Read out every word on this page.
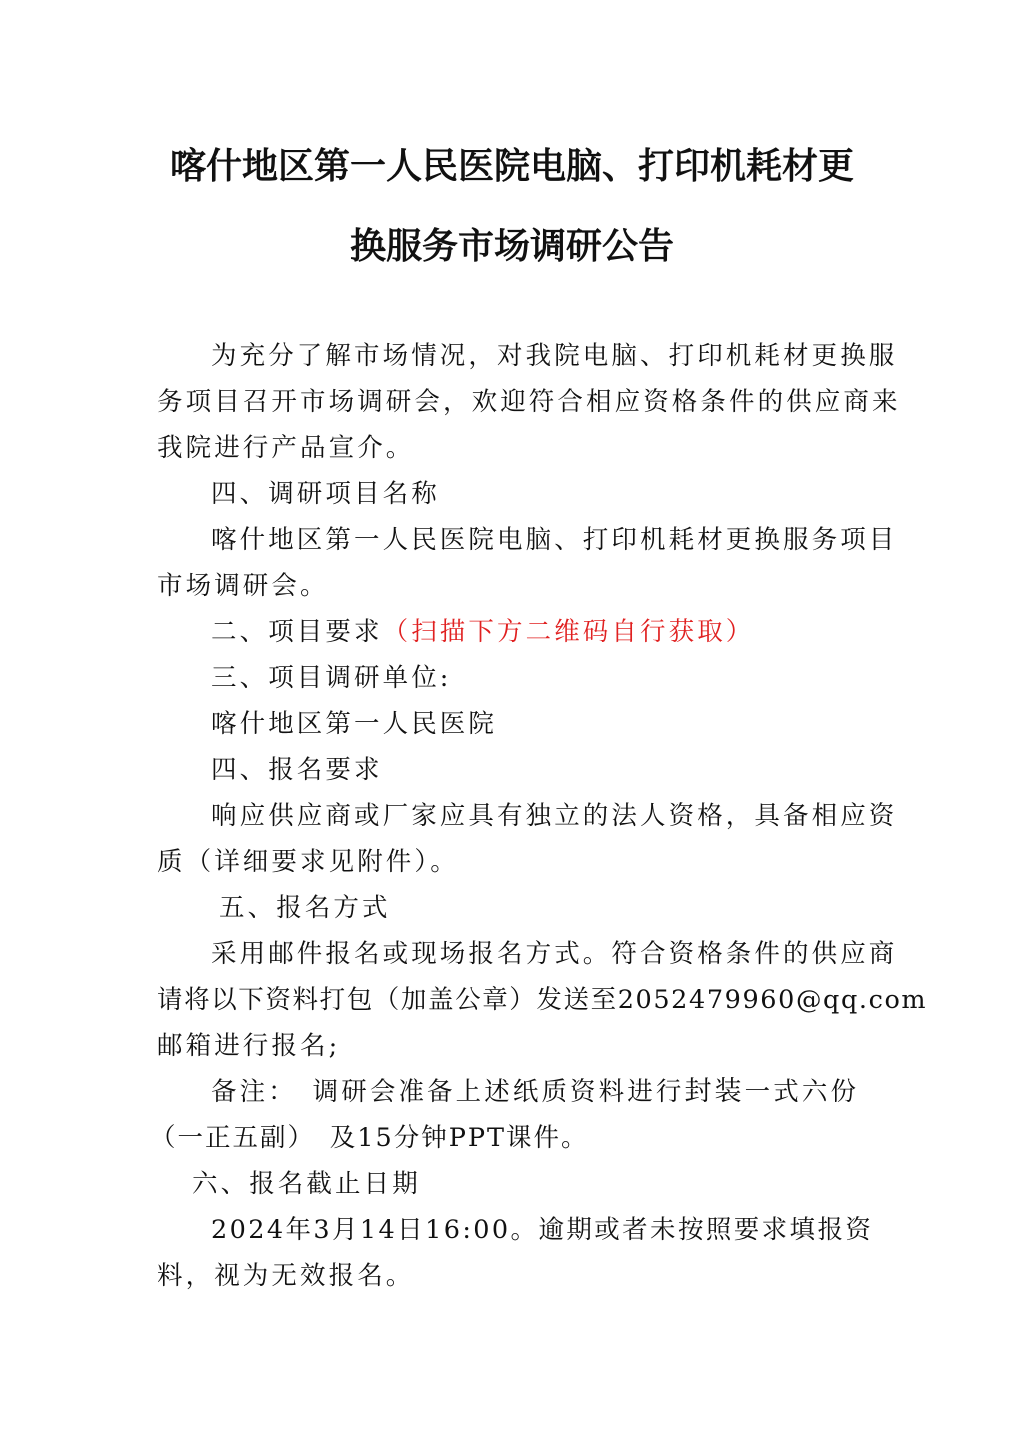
喀什地区第一人民医院电脑、打印机耗材更
换服务市场调研公告
为充分了解市场情况，对我院电脑、打印机耗材更换服
务项目召开市场调研会，欢迎符合相应资格条件的供应商来
我院进行产品宣介。
四、调研项目名称
喀什地区第一人民医院电脑、打印机耗材更换服务项目
市场调研会。
二、项目要求（扫描下方二维码自行获取）
三、项目调研单位:
喀什地区第一人民医院
四、报名要求
响应供应商或厂家应具有独立的法人资格，具备相应资
质（详细要求见附件）。
五、报名方式
采用邮件报名或现场报名方式。符合资格条件的供应商
请将以下资料打包（加盖公章）发送至2052479960@qq.com
邮箱进行报名;
备注：　调研会准备上述纸质资料进行封装一式六份
（一正五副）　及15分钟PPT课件。
六、报名截止日期
2024年3月14日16:00。逾期或者未按照要求填报资
料，视为无效报名。
